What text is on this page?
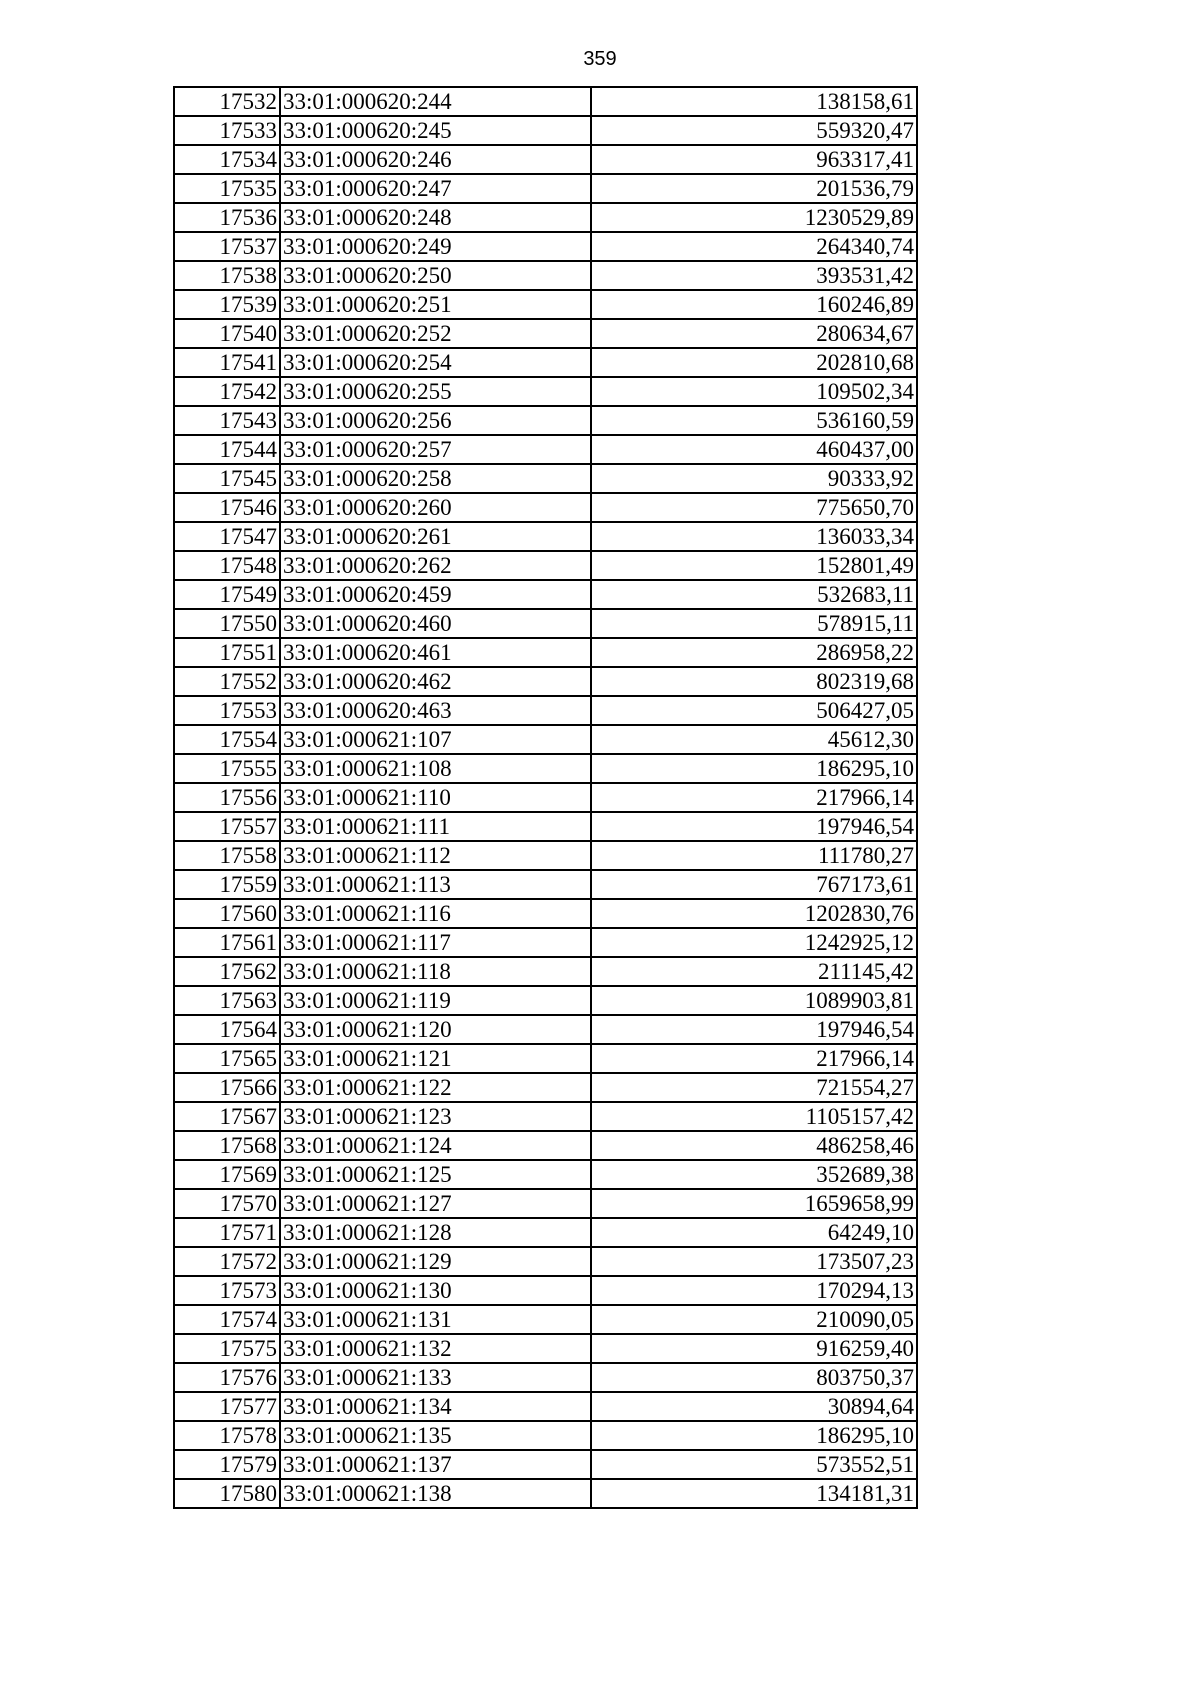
359
17532	33:01:000620:244	138158,61
17533	33:01:000620:245	559320,47
17534	33:01:000620:246	963317,41
17535	33:01:000620:247	201536,79
17536	33:01:000620:248	1230529,89
17537	33:01:000620:249	264340,74
17538	33:01:000620:250	393531,42
17539	33:01:000620:251	160246,89
17540	33:01:000620:252	280634,67
17541	33:01:000620:254	202810,68
17542	33:01:000620:255	109502,34
17543	33:01:000620:256	536160,59
17544	33:01:000620:257	460437,00
17545	33:01:000620:258	90333,92
17546	33:01:000620:260	775650,70
17547	33:01:000620:261	136033,34
17548	33:01:000620:262	152801,49
17549	33:01:000620:459	532683,11
17550	33:01:000620:460	578915,11
17551	33:01:000620:461	286958,22
17552	33:01:000620:462	802319,68
17553	33:01:000620:463	506427,05
17554	33:01:000621:107	45612,30
17555	33:01:000621:108	186295,10
17556	33:01:000621:110	217966,14
17557	33:01:000621:111	197946,54
17558	33:01:000621:112	111780,27
17559	33:01:000621:113	767173,61
17560	33:01:000621:116	1202830,76
17561	33:01:000621:117	1242925,12
17562	33:01:000621:118	211145,42
17563	33:01:000621:119	1089903,81
17564	33:01:000621:120	197946,54
17565	33:01:000621:121	217966,14
17566	33:01:000621:122	721554,27
17567	33:01:000621:123	1105157,42
17568	33:01:000621:124	486258,46
17569	33:01:000621:125	352689,38
17570	33:01:000621:127	1659658,99
17571	33:01:000621:128	64249,10
17572	33:01:000621:129	173507,23
17573	33:01:000621:130	170294,13
17574	33:01:000621:131	210090,05
17575	33:01:000621:132	916259,40
17576	33:01:000621:133	803750,37
17577	33:01:000621:134	30894,64
17578	33:01:000621:135	186295,10
17579	33:01:000621:137	573552,51
17580	33:01:000621:138	134181,31
